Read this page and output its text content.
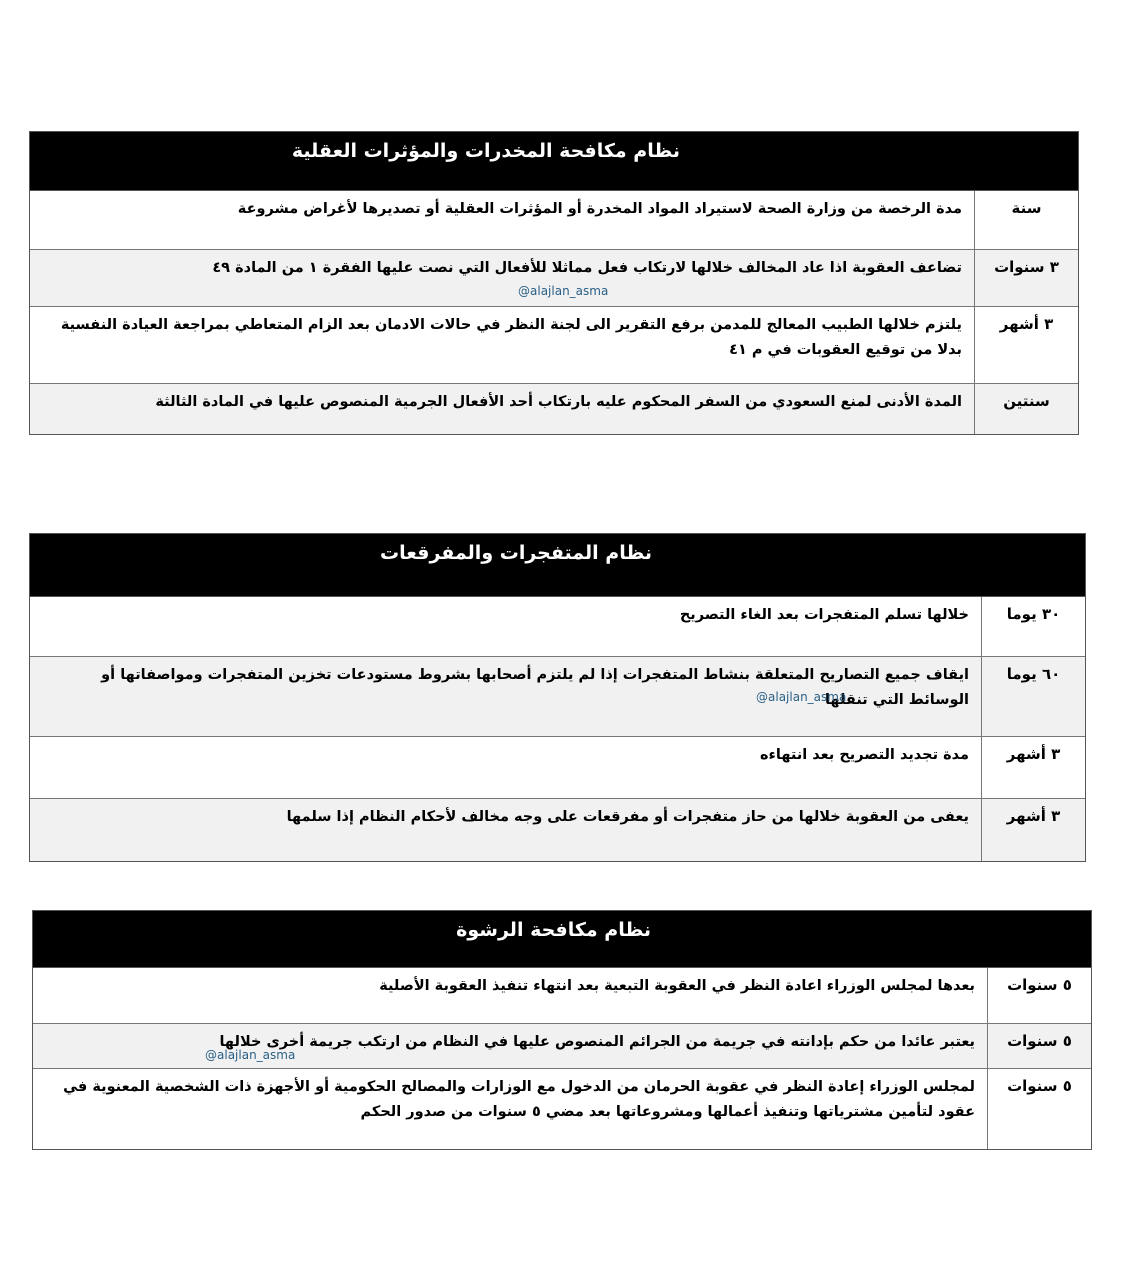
نظام مكافحة المخدرات والمؤثرات العقلية
سنة
مدة الرخصة من وزارة الصحة لاستيراد المواد المخدرة أو المؤثرات العقلية أو تصديرها لأغراض مشروعة
٣ سنوات
تضاعف العقوبة اذا عاد المخالف خلالها لارتكاب فعل مماثلا للأفعال التي نصت عليها الفقرة ١ من المادة ٤٩
@alajlan_asma
٣ أشهر
يلتزم خلالها الطبيب المعالج للمدمن برفع التقرير الى لجنة النظر في حالات الادمان بعد الزام المتعاطي بمراجعة العيادة النفسية بدلا من توقيع العقوبات في م ٤١
سنتين
المدة الأدنى لمنع السعودي من السفر المحكوم عليه بارتكاب أحد الأفعال الجرمية المنصوص عليها في المادة الثالثة
نظام المتفجرات والمفرقعات
٣٠ يوما
خلالها تسلم المتفجرات بعد الغاء التصريح
٦٠ يوما
ايقاف جميع التصاريح المتعلقة بنشاط المتفجرات إذا لم يلتزم أصحابها بشروط مستودعات تخزين المتفجرات ومواصفاتها أو الوسائط التي تنقلها
@alajlan_asma
٣ أشهر
مدة تجديد التصريح بعد انتهاءه
٣ أشهر
يعفى من العقوبة خلالها من حاز متفجرات أو مفرقعات على وجه مخالف لأحكام النظام إذا سلمها
نظام مكافحة الرشوة
٥ سنوات
بعدها لمجلس الوزراء اعادة النظر في العقوبة التبعية بعد انتهاء تنفيذ العقوبة الأصلية
٥ سنوات
يعتبر عائدا من حكم بإدانته في جريمة من الجرائم المنصوص عليها في النظام من ارتكب جريمة أخرى خلالها
@alajlan_asma
٥ سنوات
لمجلس الوزراء إعادة النظر في عقوبة الحرمان من الدخول مع الوزارات والمصالح الحكومية أو الأجهزة ذات الشخصية المعنوية في عقود لتأمين مشترياتها وتنفيذ أعمالها ومشروعاتها بعد مضي ٥ سنوات من صدور الحكم
